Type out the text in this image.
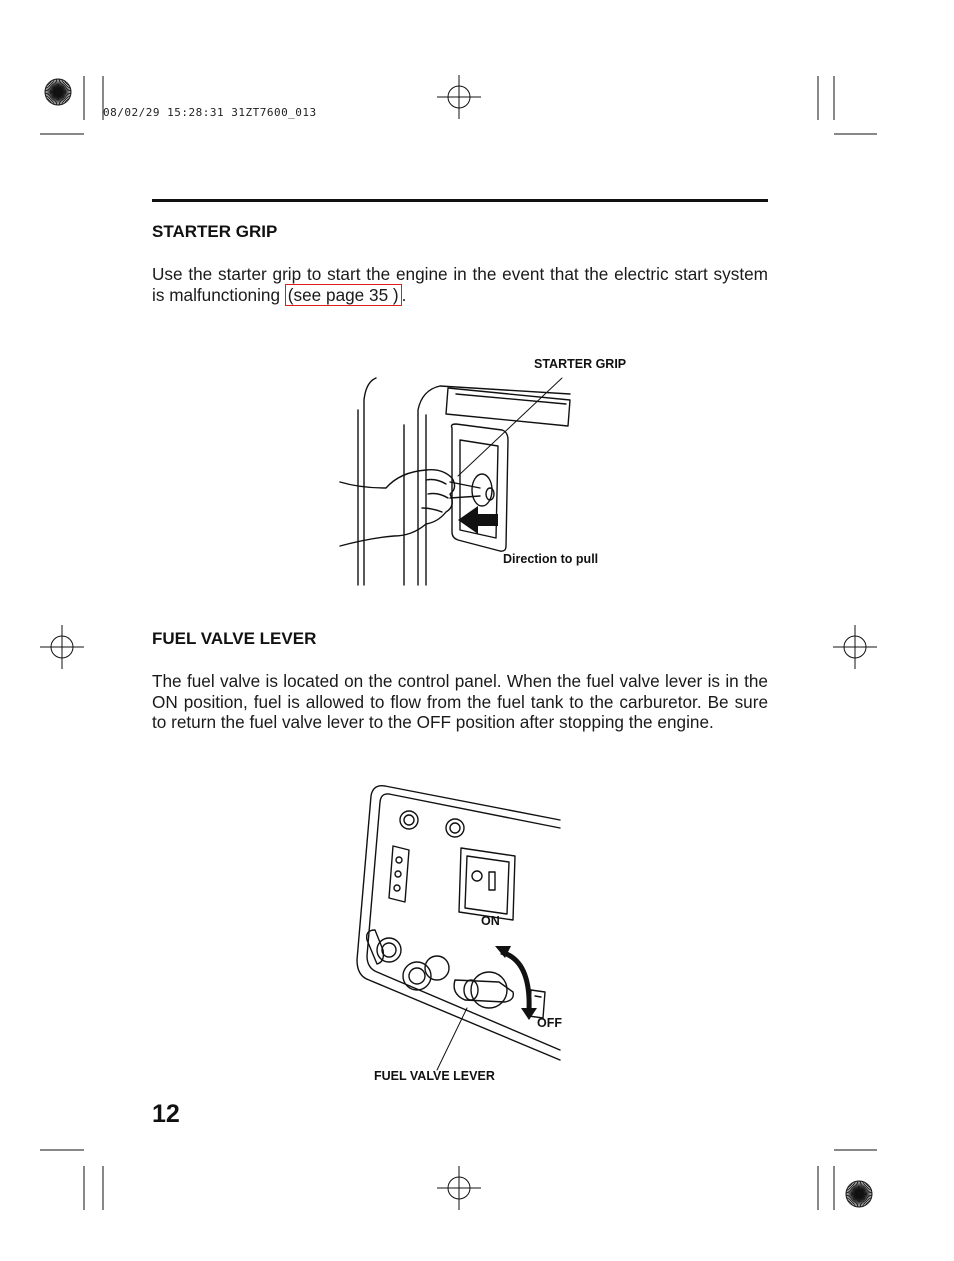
08/02/29 15:28:31 31ZT7600_013
STARTER GRIP
Use the starter grip to start the engine in the event that the electric start system is malfunctioning (see page 35 ) .
STARTER GRIP
Direction to pull
FUEL VALVE LEVER
The fuel valve is located on the control panel. When the fuel valve lever is in the ON position, fuel is allowed to flow from the fuel tank to the carburetor. Be sure to return the fuel valve lever to the OFF position after stopping the engine.
ON
OFF
FUEL VALVE LEVER
12
